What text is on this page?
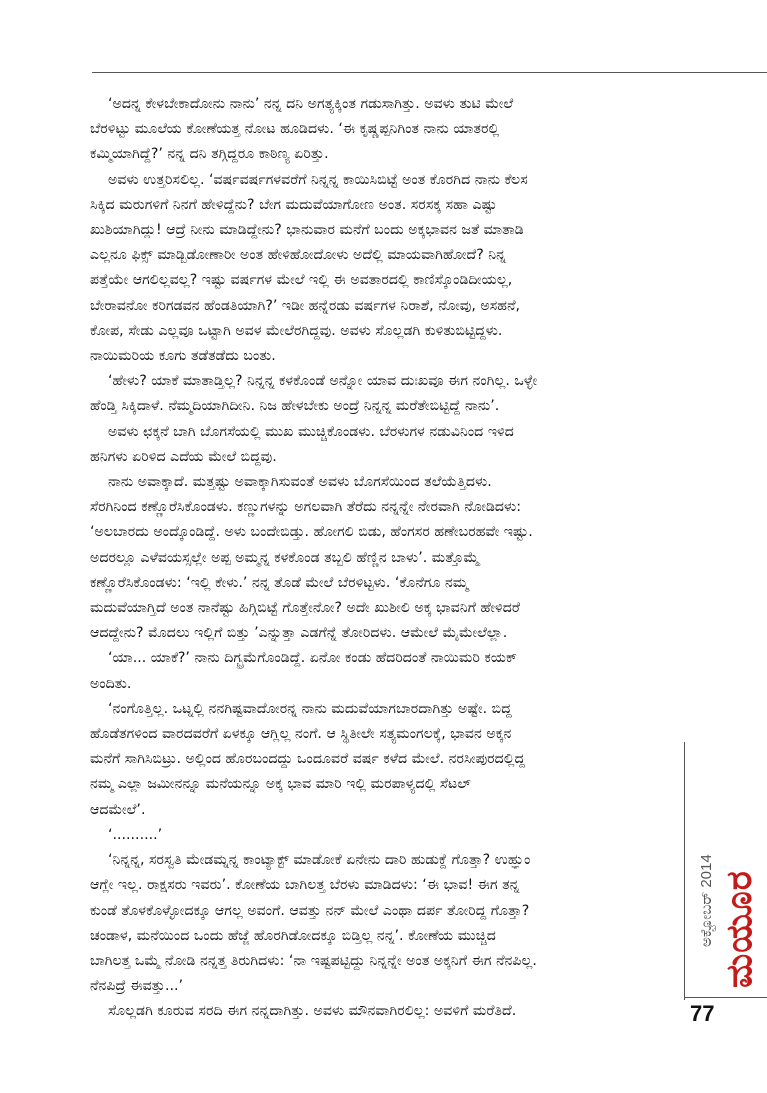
‘ಅದನ್ನ ಕೇಳಬೇಕಾದೋನು ನಾನು’ ನನ್ನ ದನಿ ಅಗತ್ಯಕ್ಕಿಂತ ಗಡುಸಾಗಿತ್ತು. ಅವಳು ತುಟಿ ಮೇಲೆ
ಬೆರಳಿಟ್ಟು ಮೂಲೆಯ ಕೋಣೆಯತ್ತ ನೋಟ ಹೂಡಿದಳು. ‘ಈ ಕೃಷ್ಣಪ್ಪನಿಗಿಂತ ನಾನು ಯಾತರಲ್ಲಿ
ಕಮ್ಮಿಯಾಗಿದ್ದೆ?’ ನನ್ನ ದನಿ ತಗ್ಗಿದ್ದರೂ ಕಾಠಿಣ್ಯ ಏರಿತ್ತು.

ಅವಳು ಉತ್ತರಿಸಲಿಲ್ಲ. ‘ವರ್ಷವರ್ಷಗಳವರೆಗೆ ನಿನ್ನನ್ನ ಕಾಯಿಸಿಬಿಟ್ಟೆ ಅಂತ ಕೊರಗಿದ ನಾನು ಕೆಲಸ
ಸಿಕ್ಕಿದ ಮರುಗಳಿಗೆ ನಿನಗೆ ಹೇಳಿದ್ದೆನು? ಬೇಗ ಮದುವೆಯಾಗೋಣ ಅಂತ. ಸರಸಕ್ಕ ಸಹಾ ಎಷ್ಟು
ಖುಶಿಯಾಗಿದ್ಲು! ಆದ್ರೆ ನೀನು ಮಾಡಿದ್ದೇನು? ಭಾನುವಾರ ಮನೆಗೆ ಬಂದು ಅಕ್ಕಭಾವನ ಜತೆ ಮಾತಾಡಿ
ಎಲ್ಲನೂ ಫಿಕ್ಸ್ ಮಾಡ್ಬಿಡೋಣಾರೀ ಅಂತ ಹೇಳಿಹೋದೋಳು ಅದೆಲ್ಲಿ ಮಾಯವಾಗಿಹೋದೆ? ನಿನ್ನ
ಪತ್ತೆಯೇ ಆಗಲಿಲ್ಲವಲ್ಲ? ಇಷ್ಟು ವರ್ಷಗಳ ಮೇಲೆ ಇಲ್ಲಿ ಈ ಅವತಾರದಲ್ಲಿ ಕಾಣಿಸ್ಕೊಂಡಿದೀಯಲ್ಲ,
ಬೇರಾವನೋ ಕರಿಗಡವನ ಹೆಂಡತಿಯಾಗಿ?’ ಇಡೀ ಹನ್ನೆರಡು ವರ್ಷಗಳ ನಿರಾಶೆ, ನೋವು, ಅಸಹನೆ,
ಕೋಪ, ಸೇಡು ಎಲ್ಲವೂ ಒಟ್ಟಾಗಿ ಅವಳ ಮೇಲೆರಗಿದ್ದವು. ಅವಳು ಸೊಲ್ಲಡಗಿ ಕುಳಿತುಬಿಟ್ಟಿದ್ದಳು.
ನಾಯಿಮರಿಯ ಕೂಗು ತಡೆತಡೆದು ಬಂತು.

‘ಹೇಳು? ಯಾಕೆ ಮಾತಾಡ್ತಿಲ್ಲ? ನಿನ್ನನ್ನ ಕಳಕೊಂಡೆ ಅನ್ನೋ ಯಾವ ದುಃಖವೂ ಈಗ ನಂಗಿಲ್ಲ. ಒಳ್ಳೇ
ಹೆಂಡ್ತಿ ಸಿಕ್ಕಿದಾಳೆ. ನೆಮ್ಮದಿಯಾಗಿದೀನಿ. ನಿಜ ಹೇಳಬೇಕು ಅಂದ್ರೆ ನಿನ್ನನ್ನ ಮರೆತೇಬಿಟ್ಟಿದ್ದೆ ನಾನು’.

ಅವಳು ಛಕ್ಕನೆ ಬಾಗಿ ಬೊಗಸೆಯಲ್ಲಿ ಮುಖ ಮುಚ್ಚಿಕೊಂಡಳು. ಬೆರಳುಗಳ ನಡುವಿನಿಂದ ಇಳಿದ
ಹನಿಗಳು ಏರಿಳಿದ ಎದೆಯ ಮೇಲೆ ಬಿದ್ದವು.

ನಾನು ಅವಾಕ್ಕಾದೆ. ಮತ್ತಷ್ಟು ಅವಾಕ್ಕಾಗಿಸುವಂತೆ ಅವಳು ಬೊಗಸೆಯಿಂದ ತಲೆಯೆತ್ತಿದಳು.
ಸೆರಗಿನಿಂದ ಕಣ್ಣೊರೆಸಿಕೊಂಡಳು. ಕಣ್ಣುಗಳನ್ನು ಅಗಲವಾಗಿ ತೆರೆದು ನನ್ನನ್ನೇ ನೇರವಾಗಿ ನೋಡಿದಳು:
‘ಅಲಬಾರದು ಅಂದ್ಕೊಂಡಿದ್ದೆ. ಅಳು ಬಂದೇಬಿಡ್ತು. ಹೋಗಲಿ ಬಿಡು, ಹೆಂಗಸರ ಹಣೇಬರಹವೇ ಇಷ್ಟು.
ಅದರಲ್ಲೂ ಎಳೆವಯಸ್ಸಲ್ಲೇ ಅಪ್ಪ ಅಮ್ಮನ್ನ ಕಳಕೊಂಡ ತಬ್ಬಲಿ ಹೆಣ್ಣಿನ ಬಾಳು’. ಮತ್ತೊಮ್ಮೆ
ಕಣ್ಣೊರೆಸಿಕೊಂಡಳು: ‘ಇಲ್ಲಿ ಕೇಳು.’ ನನ್ನ ತೊಡೆ ಮೇಲೆ ಬೆರಳಿಟ್ಟಳು. ‘ಕೊನೆಗೂ ನಮ್ಮ
ಮದುವೆಯಾಗ್ತಿದೆ ಅಂತ ನಾನೆಷ್ಟು ಹಿಗ್ಗಿಬಿಟ್ಟೆ ಗೊತ್ತೇನೋ? ಅದೇ ಖುಶೀಲಿ ಅಕ್ಕ ಭಾವನಿಗೆ ಹೇಳಿದರೆ
ಆದದ್ದೇನು? ಮೊದಲು ಇಲ್ಲಿಗೆ ಬಿತ್ತು ’ಎನ್ನುತ್ತಾ ಎಡಗೆನ್ನೆ ತೋರಿದಳು. ಆಮೇಲೆ ಮೈಮೇಲೆಲ್ಲಾ.

‘ಯಾ... ಯಾಕೆ?’ ನಾನು ದಿಗ್ಭ್ರಮೆಗೊಂಡಿದ್ದೆ. ಏನೋ ಕಂಡು ಹೆದರಿದಂತೆ ನಾಯಿಮರಿ ಕಯಕ್
ಅಂದಿತು.

‘ನಂಗೊತ್ತಿಲ್ಲ. ಒಟ್ನಲ್ಲಿ ನನಗಿಷ್ಟವಾದೋರನ್ನ ನಾನು ಮದುವೆಯಾಗಬಾರದಾಗಿತ್ತು ಅಷ್ಟೇ. ಬಿದ್ದ
ಹೊಡೆತಗಳಿಂದ ವಾರದವರೆಗೆ ಏಳಕ್ಕೂ ಆಗ್ಲಿಲ್ಲ ನಂಗೆ. ಆ ಸ್ಥಿತೀಲೇ ಸತ್ಯಮಂಗಲಕ್ಕೆ, ಭಾವನ ಅಕ್ಕನ
ಮನೆಗೆ ಸಾಗಿಸಿಬಿಟ್ರು. ಅಲ್ಲಿಂದ ಹೊರಬಂದದ್ದು ಒಂದೂವರೆ ವರ್ಷ ಕಳೆದ ಮೇಲೆ. ನರಸೀಪುರದಲ್ಲಿದ್ದ
ನಮ್ಮ ಎಲ್ಲಾ ಜಮೀನನ್ನೂ ಮನೆಯನ್ನೂ ಅಕ್ಕ ಭಾವ ಮಾರಿ ಇಲ್ಲಿ ಮರಪಾಳ್ಯದಲ್ಲಿ ಸೆಟಲ್
ಆದಮೇಲೆ’.

‘..........’

‘ನಿನ್ನನ್ನ, ಸರಸ್ವತಿ ಮೇಡಮ್ನನ್ನ ಕಾಂಟ್ಯಾಕ್ಟ್ ಮಾಡೋಕೆ ಏನೇನು ದಾರಿ ಹುಡುಕ್ದೆ ಗೊತ್ತಾ? ಉಹ್ಞುಂ
ಆಗ್ಲೇ ಇಲ್ಲ. ರಾಕ್ಷಸರು ಇವರು’. ಕೋಣೆಯ ಬಾಗಿಲತ್ತ ಬೆರಳು ಮಾಡಿದಳು: ‘ಈ ಭಾವ! ಈಗ ತನ್ನ
ಕುಂಡೆ ತೊಳಕೊಳ್ಳೋದಕ್ಕೂ ಆಗಲ್ಲ ಅವಂಗೆ. ಆವತ್ತು ನನ್ ಮೇಲೆ ಎಂಥಾ ದರ್ಪ ತೋರಿದ್ದ ಗೊತ್ತಾ?
ಚಂಡಾಳ, ಮನೆಯಿಂದ ಒಂದು ಹೆಜ್ಜೆ ಹೊರಗಿಡೋದಕ್ಕೂ ಬಿಡ್ತಿಲ್ಲ ನನ್ನ’. ಕೋಣೆಯ ಮುಚ್ಚಿದ
ಬಾಗಿಲತ್ತ ಒಮ್ಮೆ ನೋಡಿ ನನ್ನತ್ತ ತಿರುಗಿದಳು: ‘ನಾ ಇಷ್ಟಪಟ್ಟಿದ್ದು ನಿನ್ನನ್ನೇ ಅಂತ ಅಕ್ಕನಿಗೆ ಈಗ ನೆನಪಿಲ್ಲ.
ನೆನಪಿದ್ರೆ ಈವತ್ತು...’

ಸೊಲ್ಲಡಗಿ ಕೂರುವ ಸರದಿ ಈಗ ನನ್ನದಾಗಿತ್ತು. ಅವಳು ಮೌನವಾಗಿರಲಿಲ್ಲ: ಅವಳಿಗೆ ಮರೆತಿದೆ.

ಅಕ್ಟೋಬರ್ 2014 ಮಯೂರ
77
